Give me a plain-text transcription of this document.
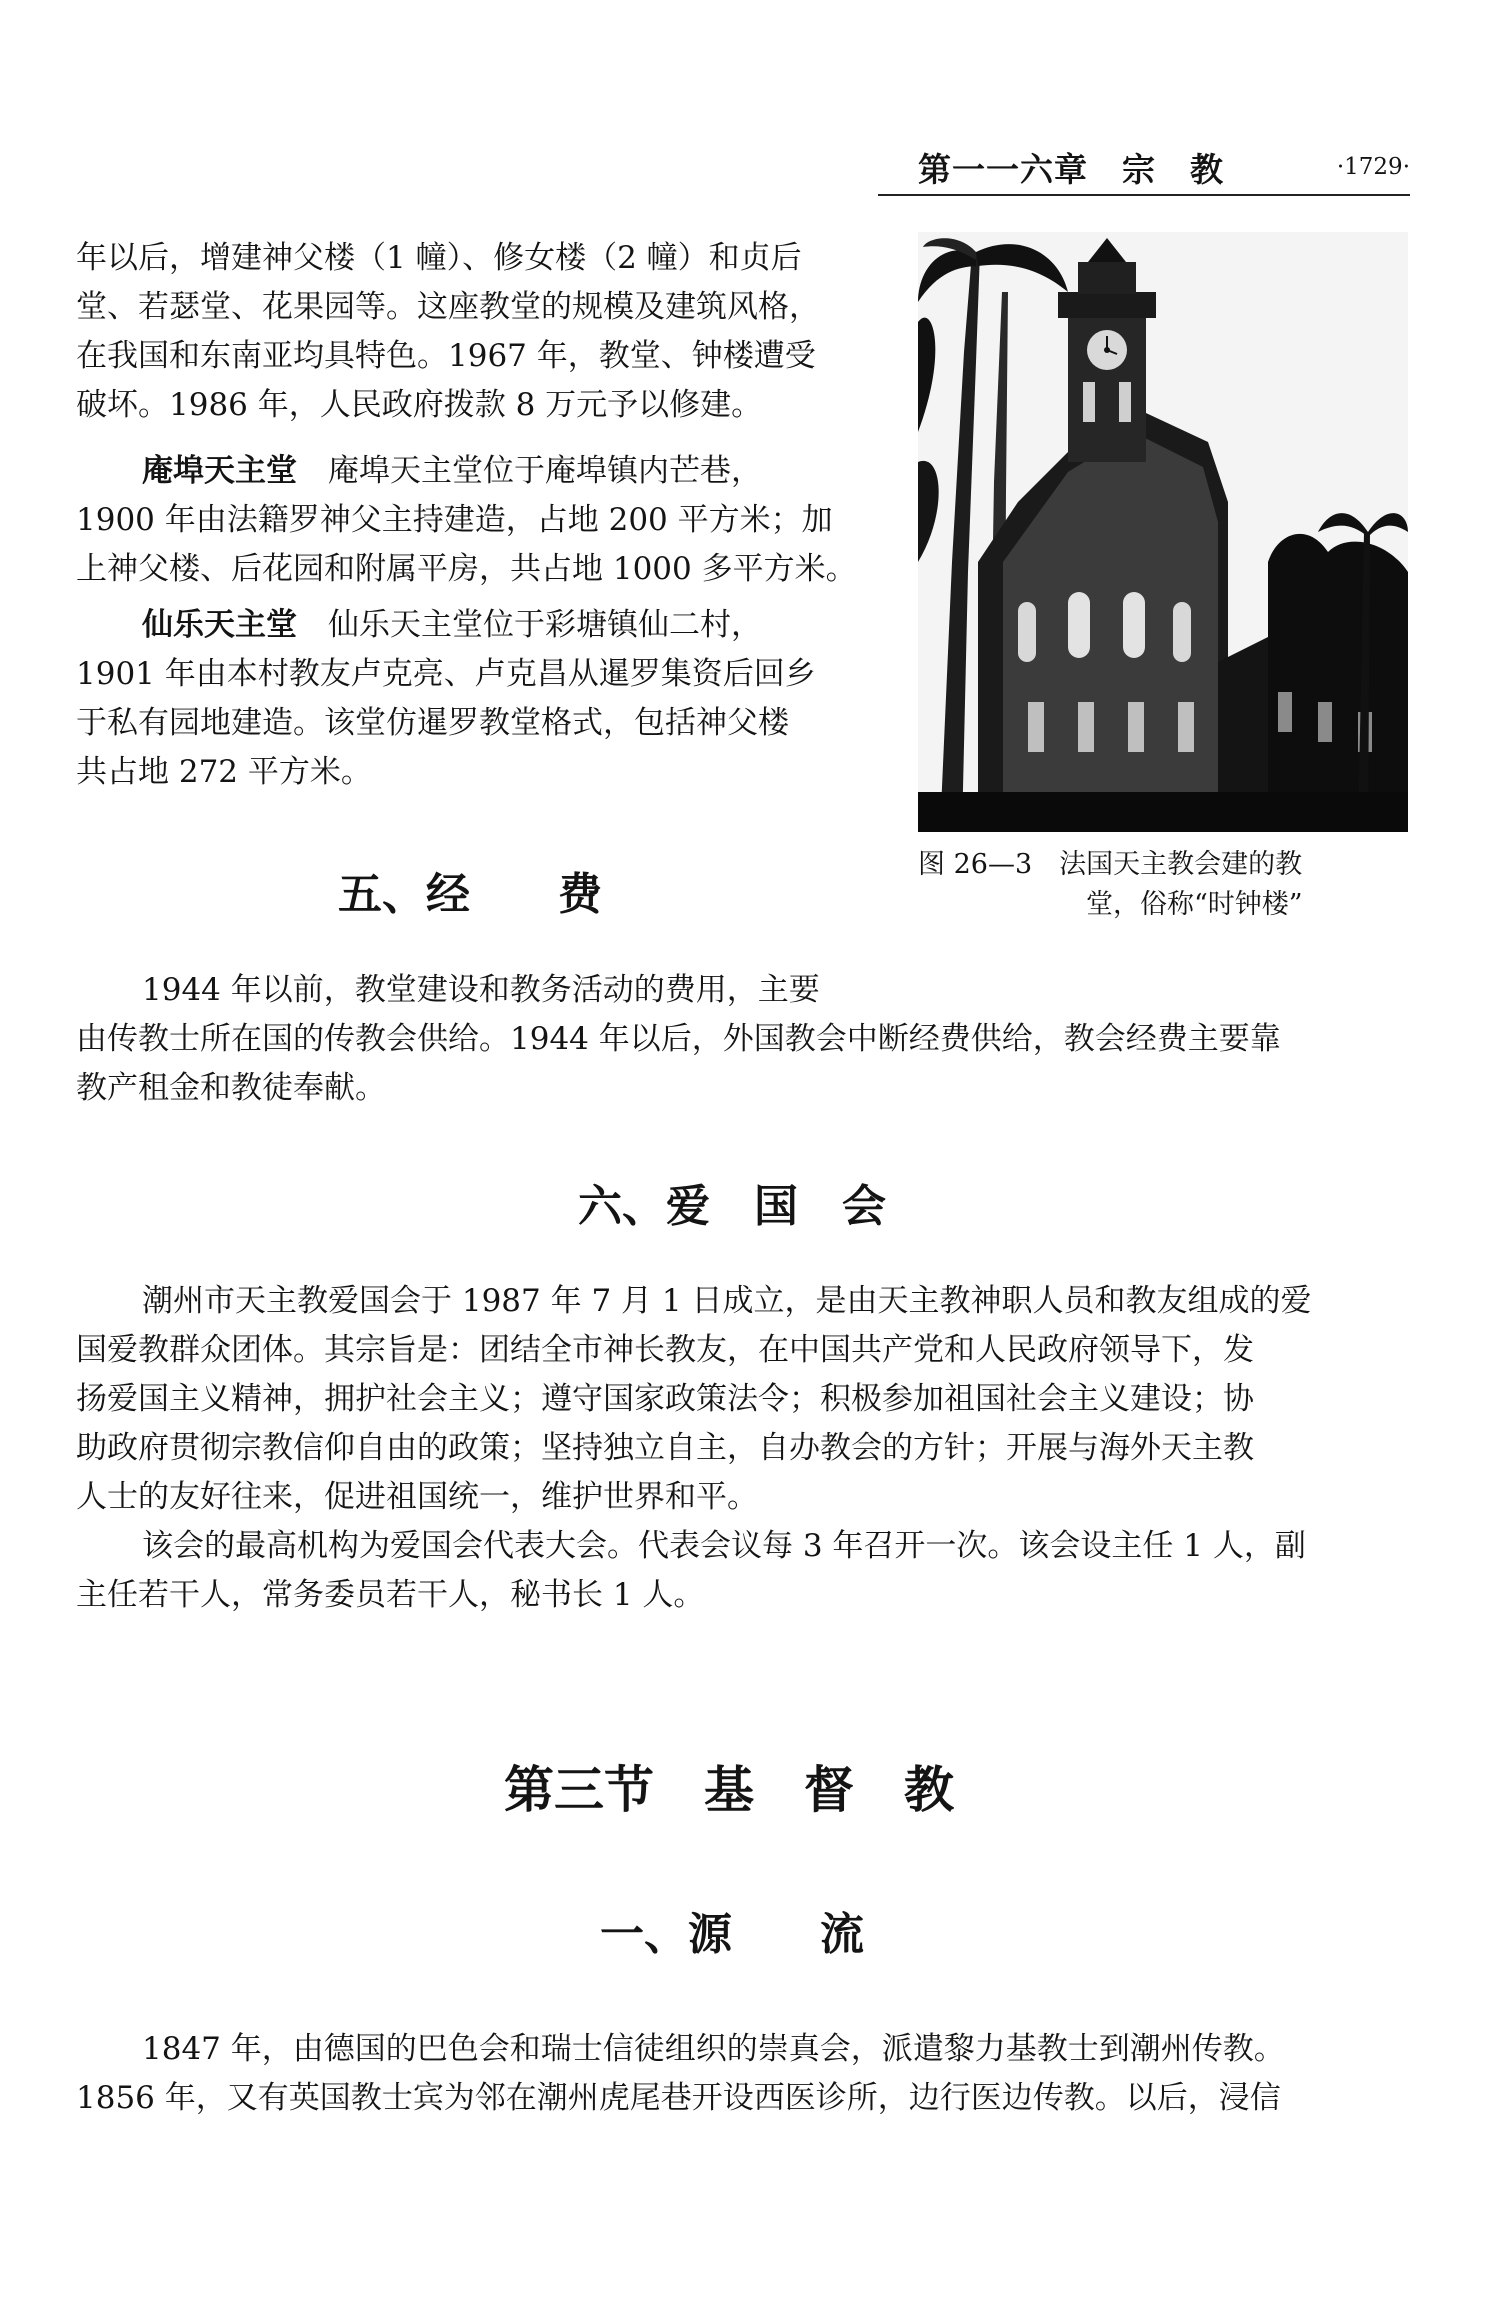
第一一六章　宗　教	·1729·
年以后，增建神父楼（1 幢）、修女楼（2 幢）和贞后
堂、若瑟堂、花果园等。这座教堂的规模及建筑风格，
在我国和东南亚均具特色。1967 年，教堂、钟楼遭受
破坏。1986 年，人民政府拨款 8 万元予以修建。
庵埠天主堂　庵埠天主堂位于庵埠镇内芒巷，
1900 年由法籍罗神父主持建造，占地 200 平方米；加
上神父楼、后花园和附属平房，共占地 1000 多平方米。
仙乐天主堂　仙乐天主堂位于彩塘镇仙二村，
1901 年由本村教友卢克亮、卢克昌从暹罗集资后回乡
于私有园地建造。该堂仿暹罗教堂格式，包括神父楼
共占地 272 平方米。
图 26—3　法国天主教会建的教
堂，俗称“时钟楼”
五、经　　费
1944 年以前，教堂建设和教务活动的费用，主要
由传教士所在国的传教会供给。1944 年以后，外国教会中断经费供给，教会经费主要靠
教产租金和教徒奉献。
六、爱　国　会
潮州市天主教爱国会于 1987 年 7 月 1 日成立，是由天主教神职人员和教友组成的爱
国爱教群众团体。其宗旨是：团结全市神长教友，在中国共产党和人民政府领导下，发
扬爱国主义精神，拥护社会主义；遵守国家政策法令；积极参加祖国社会主义建设；协
助政府贯彻宗教信仰自由的政策；坚持独立自主，自办教会的方针；开展与海外天主教
人士的友好往来，促进祖国统一，维护世界和平。
该会的最高机构为爱国会代表大会。代表会议每 3 年召开一次。该会设主任 1 人，副
主任若干人，常务委员若干人，秘书长 1 人。
第三节　基　督　教
一、源　　流
1847 年，由德国的巴色会和瑞士信徒组织的崇真会，派遣黎力基教士到潮州传教。
1856 年，又有英国教士宾为邻在潮州虎尾巷开设西医诊所，边行医边传教。以后，浸信
